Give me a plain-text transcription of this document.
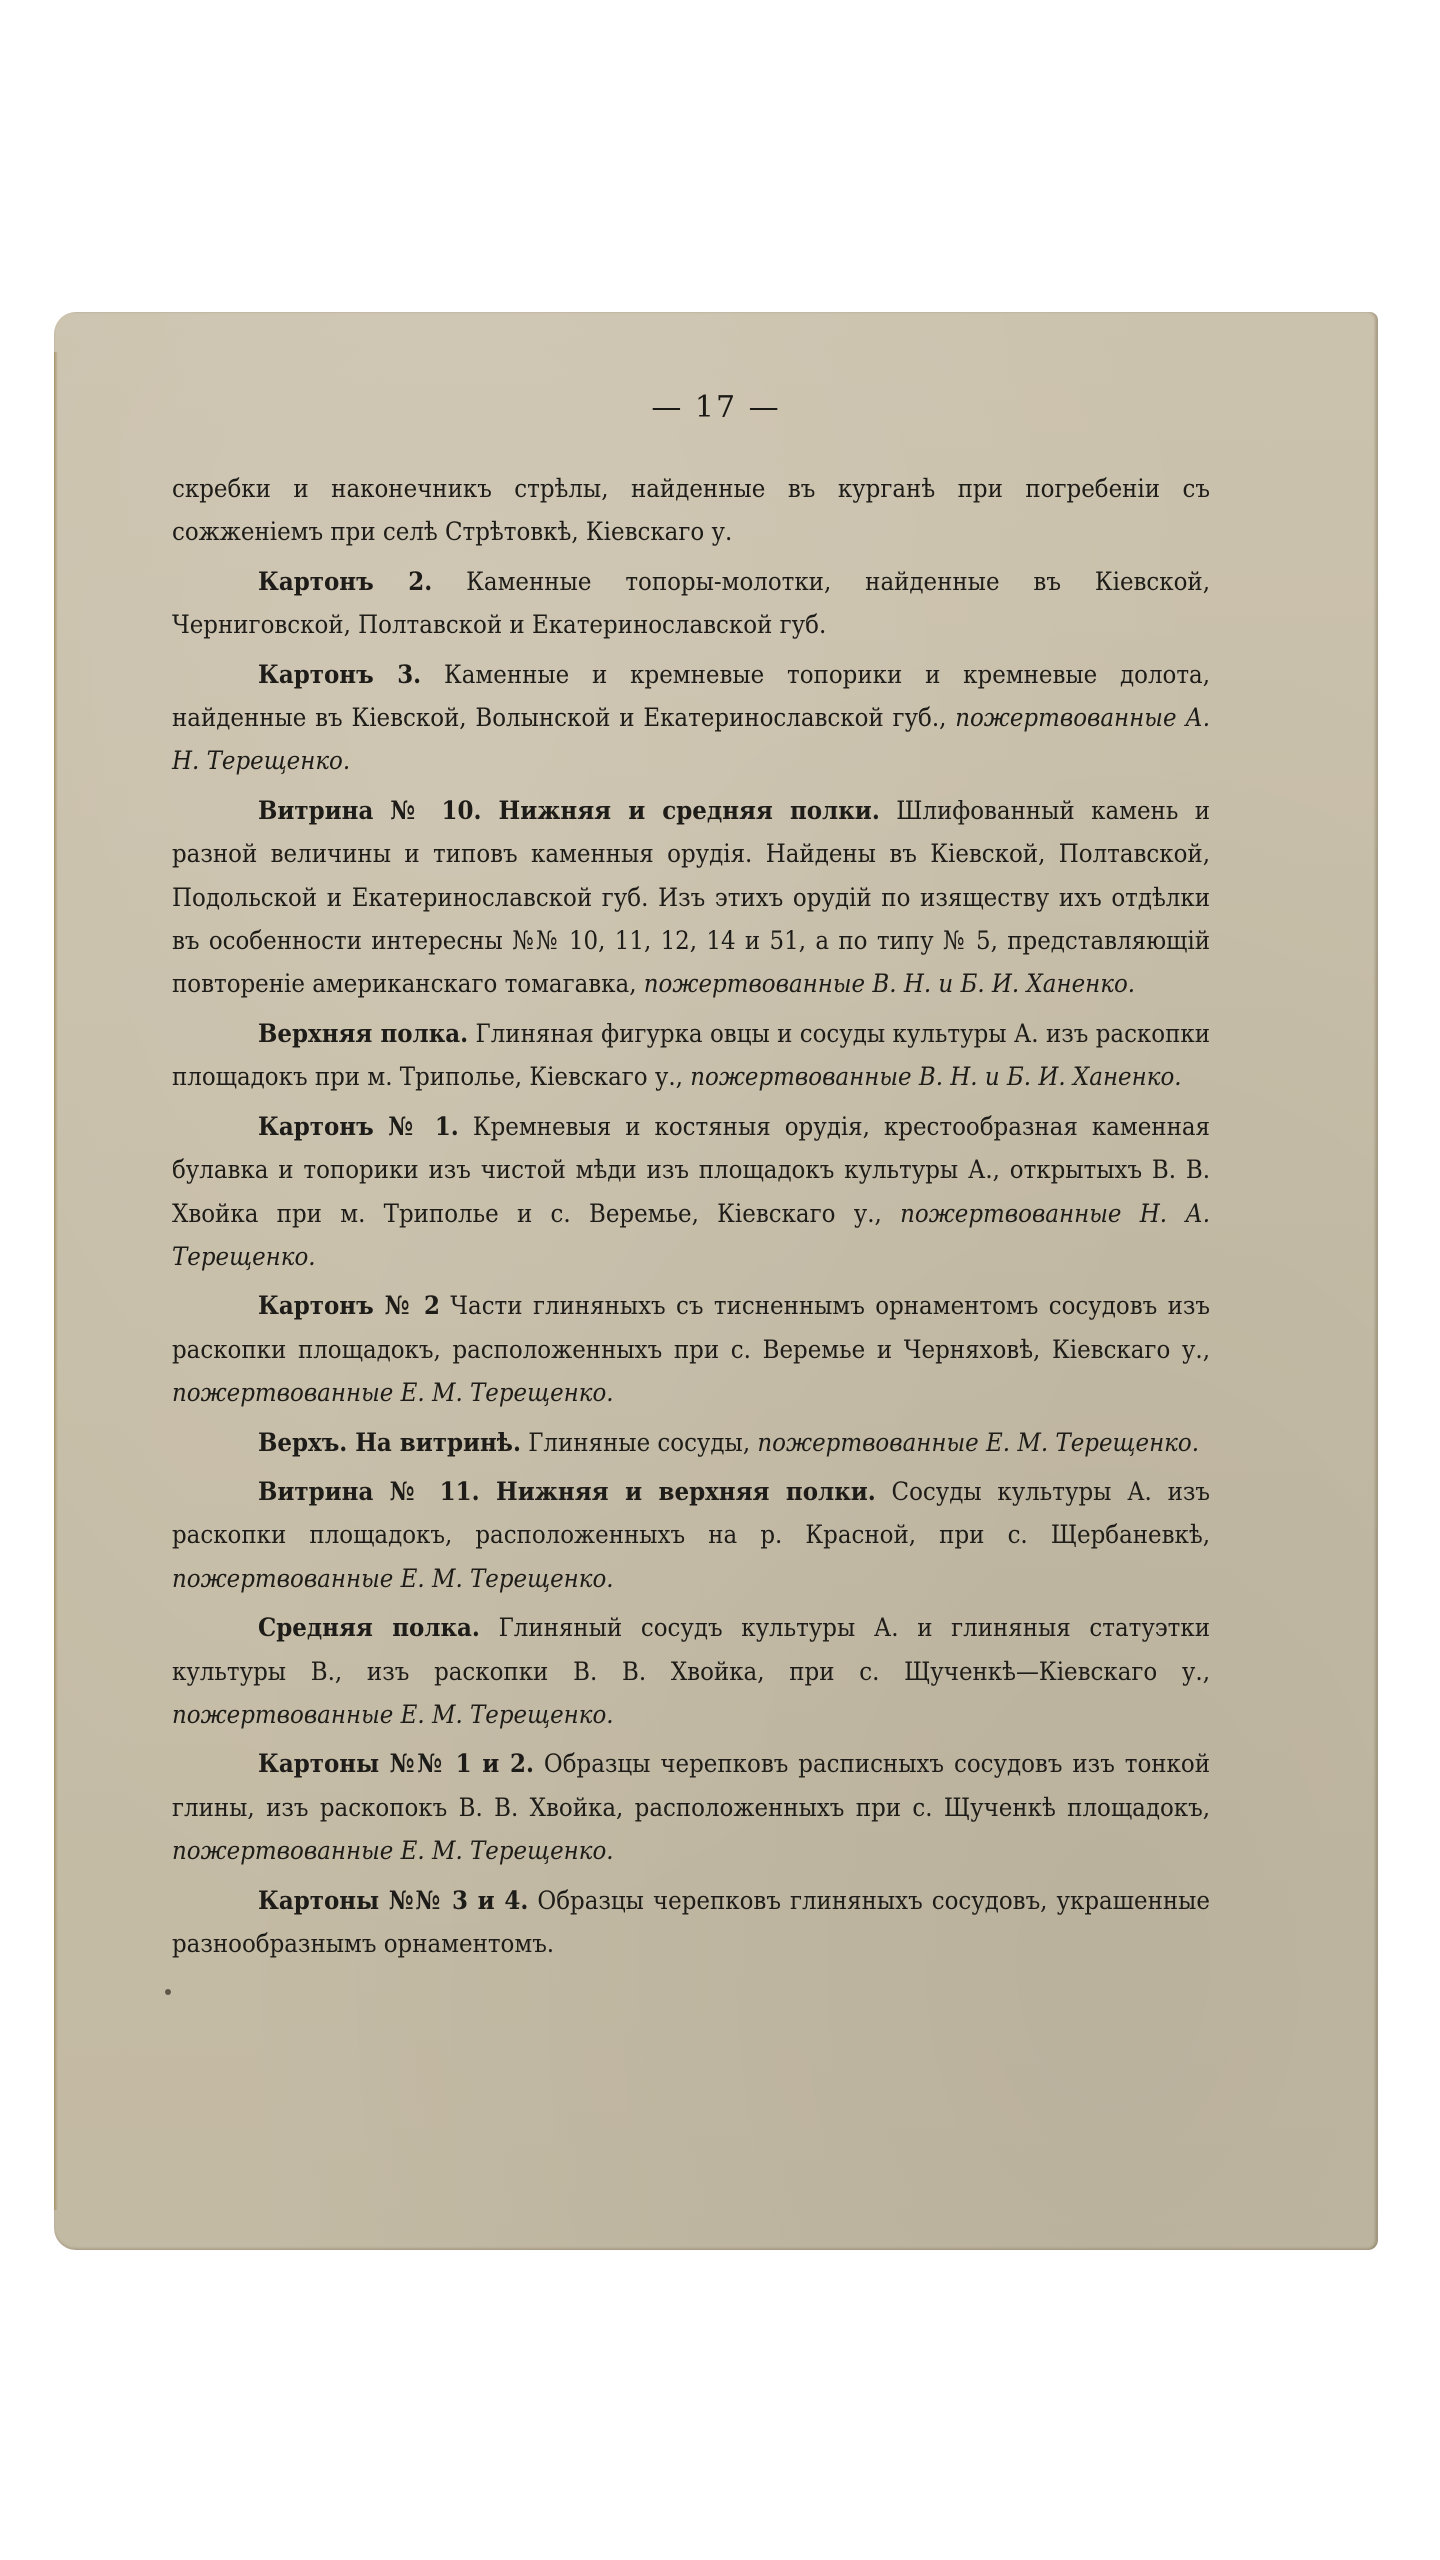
— 17 —

скребки и наконечникъ стрѣлы, найденные въ курганѣ при погребенiи съ сожженiемъ при селѣ Стрѣтовкѣ, Кiевскаго у.

Картонъ 2. Каменные топоры-молотки, найденные въ Кiевской, Черниговской, Полтавской и Екатеринославской губ.

Картонъ 3. Каменные и кремневые топорики и кремневые долота, найденные въ Кiевской, Волынской и Екатеринославской губ., пожертвованные А. Н. Терещенко.

Витрина № 10. Нижняя и средняя полки. Шлифованный камень и разной величины и типовъ каменныя орудiя. Найдены въ Кiевской, Полтавской, Подольской и Екатеринославской губ. Изъ этихъ орудiй по изяществу ихъ отдѣлки въ особенности интересны №№ 10, 11, 12, 14 и 51, а по типу № 5, представляющiй повторенiе американскаго томагавка, пожертвованные В. Н. и Б. И. Ханенко.

Верхняя полка. Глиняная фигурка овцы и сосуды культуры А. изъ раскопки площадокъ при м. Триполье, Кiевскаго у., пожертвованные В. Н. и Б. И. Ханенко.

Картонъ № 1. Кремневыя и костяныя орудiя, крестообразная каменная булавка и топорики изъ чистой мѣди изъ площадокъ культуры А., открытыхъ В. В. Хвойка при м. Триполье и с. Веремье, Кiевскаго у., пожертвованные Н. А. Терещенко.

Картонъ № 2 Части глиняныхъ съ тисненнымъ орнаментомъ сосудовъ изъ раскопки площадокъ, расположенныхъ при с. Веремье и Черняховѣ, Кiевскаго у., пожертвованные Е. М. Терещенко.

Верхъ. На витринѣ. Глиняные сосуды, пожертвованные Е. М. Терещенко.

Витрина № 11. Нижняя и верхняя полки. Сосуды культуры А. изъ раскопки площадокъ, расположенныхъ на р. Красной, при с. Щербаневкѣ, пожертвованные Е. М. Терещенко.

Средняя полка. Глиняный сосудъ культуры А. и глиняныя статуэтки культуры В., изъ раскопки В. В. Хвойка, при с. Щученкѣ—Кiевскаго у., пожертвованные Е. М. Терещенко.

Картоны №№ 1 и 2. Образцы черепковъ расписныхъ сосудовъ изъ тонкой глины, изъ раскопокъ В. В. Хвойка, расположенныхъ при с. Щученкѣ площадокъ, пожертвованные Е. М. Терещенко.

Картоны №№ 3 и 4. Образцы черепковъ глиняныхъ сосудовъ, украшенные разнообразнымъ орнаментомъ.
